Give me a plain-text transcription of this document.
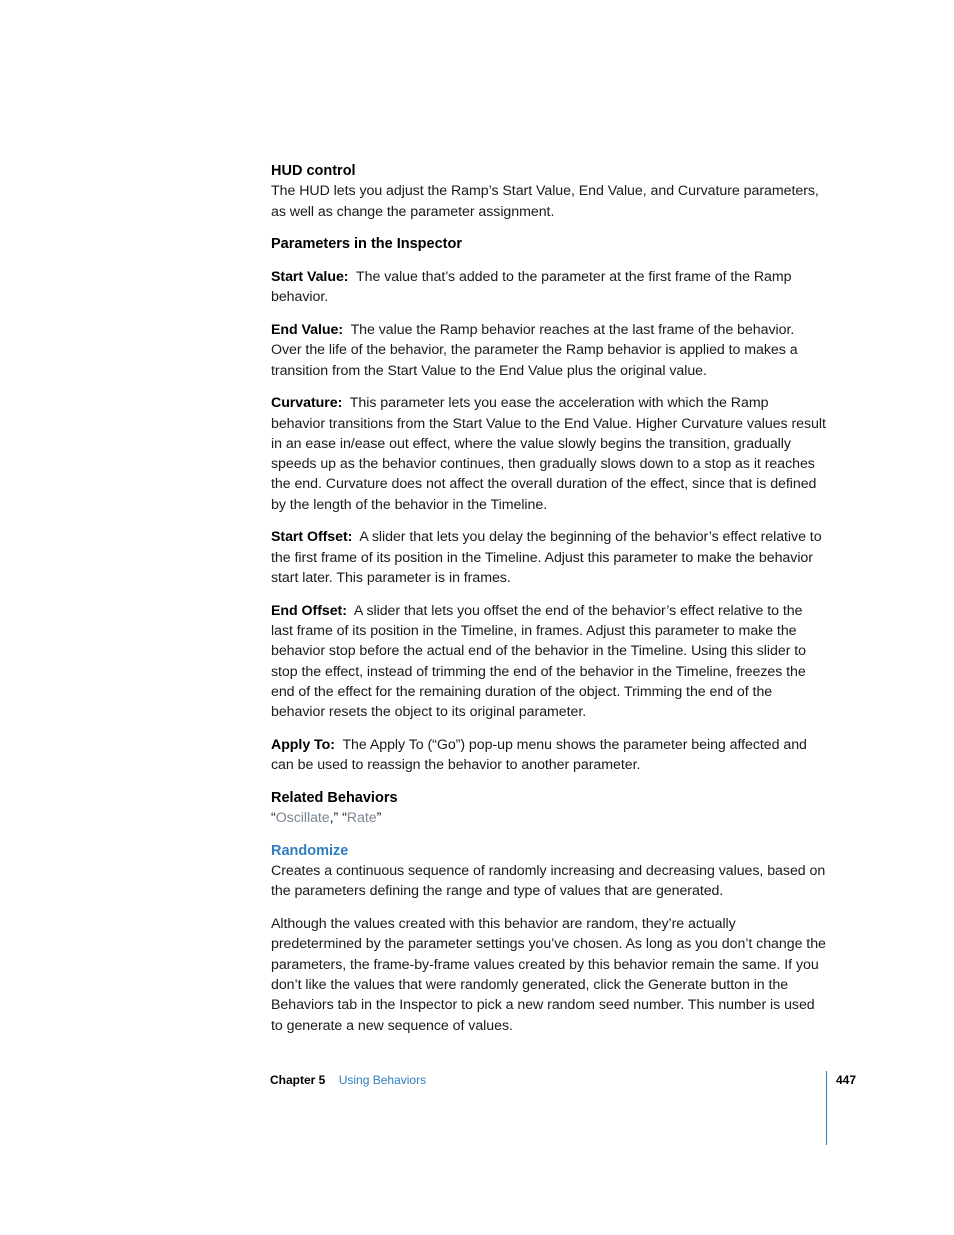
HUD control

The HUD lets you adjust the Ramp’s Start Value, End Value, and Curvature parameters, as well as change the parameter assignment.

Parameters in the Inspector

Start Value: The value that’s added to the parameter at the first frame of the Ramp behavior.

End Value: The value the Ramp behavior reaches at the last frame of the behavior. Over the life of the behavior, the parameter the Ramp behavior is applied to makes a transition from the Start Value to the End Value plus the original value.

Curvature: This parameter lets you ease the acceleration with which the Ramp behavior transitions from the Start Value to the End Value. Higher Curvature values result in an ease in/ease out effect, where the value slowly begins the transition, gradually speeds up as the behavior continues, then gradually slows down to a stop as it reaches the end. Curvature does not affect the overall duration of the effect, since that is defined by the length of the behavior in the Timeline.

Start Offset: A slider that lets you delay the beginning of the behavior’s effect relative to the first frame of its position in the Timeline. Adjust this parameter to make the behavior start later. This parameter is in frames.

End Offset: A slider that lets you offset the end of the behavior’s effect relative to the last frame of its position in the Timeline, in frames. Adjust this parameter to make the behavior stop before the actual end of the behavior in the Timeline. Using this slider to stop the effect, instead of trimming the end of the behavior in the Timeline, freezes the end of the effect for the remaining duration of the object. Trimming the end of the behavior resets the object to its original parameter.

Apply To: The Apply To (“Go”) pop-up menu shows the parameter being affected and can be used to reassign the behavior to another parameter.

Related Behaviors

“Oscillate,” “Rate”

Randomize

Creates a continuous sequence of randomly increasing and decreasing values, based on the parameters defining the range and type of values that are generated.

Although the values created with this behavior are random, they’re actually predetermined by the parameter settings you’ve chosen. As long as you don’t change the parameters, the frame-by-frame values created by this behavior remain the same. If you don’t like the values that were randomly generated, click the Generate button in the Behaviors tab in the Inspector to pick a new random seed number. This number is used to generate a new sequence of values.

Chapter 5 Using Behaviors	447
